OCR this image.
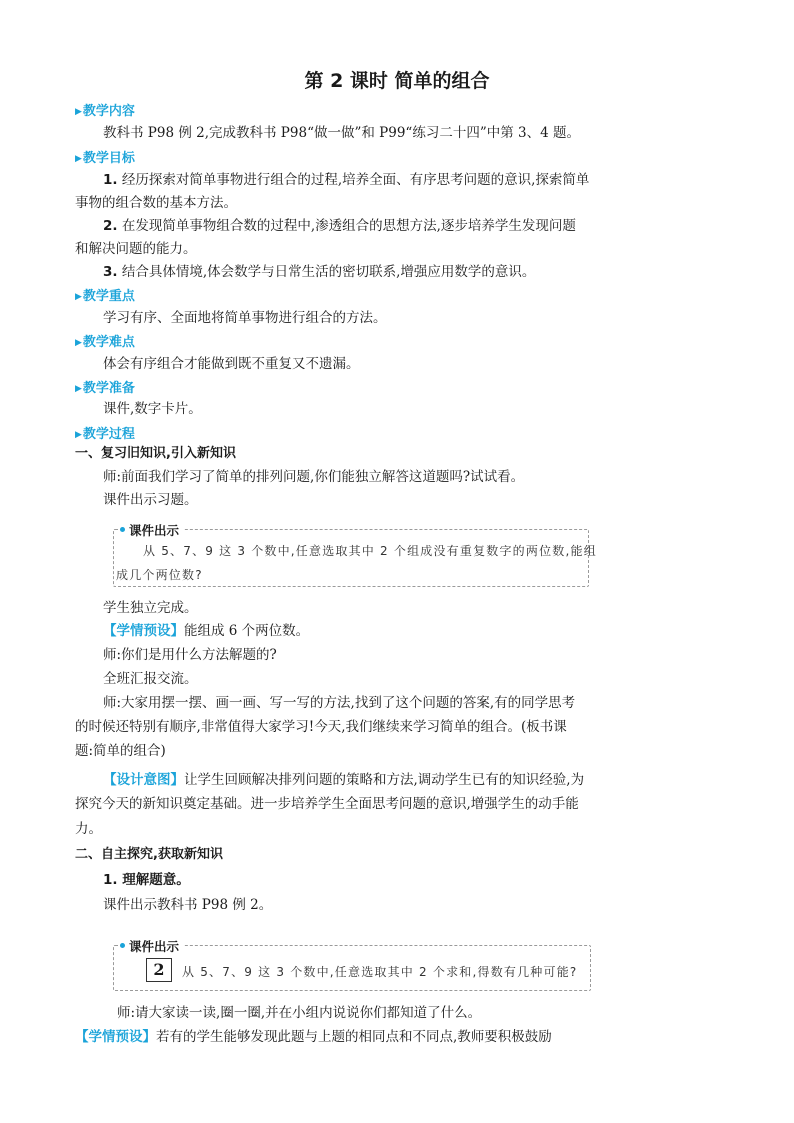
第 2 课时 简单的组合
▶教学内容
教科书 P98 例 2,完成教科书 P98“做一做”和 P99“练习二十四”中第 3、4 题。
▶教学目标
1. 经历探索对简单事物进行组合的过程,培养全面、有序思考问题的意识,探索简单
事物的组合数的基本方法。
2. 在发现简单事物组合数的过程中,渗透组合的思想方法,逐步培养学生发现问题
和解决问题的能力。
3. 结合具体情境,体会数学与日常生活的密切联系,增强应用数学的意识。
▶教学重点
学习有序、全面地将简单事物进行组合的方法。
▶教学难点
体会有序组合才能做到既不重复又不遗漏。
▶教学准备
课件,数字卡片。
▶教学过程
一、复习旧知识,引入新知识
师:前面我们学习了简单的排列问题,你们能独立解答这道题吗?试试看。
课件出示习题。
课件出示
从 5、7、9 这 3 个数中,任意选取其中 2 个组成没有重复数字的两位数,能组
成几个两位数?
学生独立完成。
【学情预设】能组成 6 个两位数。
师:你们是用什么方法解题的?
全班汇报交流。
师:大家用摆一摆、画一画、写一写的方法,找到了这个问题的答案,有的同学思考
的时候还特别有顺序,非常值得大家学习!今天,我们继续来学习简单的组合。(板书课
题:简单的组合)
【设计意图】让学生回顾解决排列问题的策略和方法,调动学生已有的知识经验,为
探究今天的新知识奠定基础。进一步培养学生全面思考问题的意识,增强学生的动手能
力。
二、自主探究,获取新知识
1. 理解题意。
课件出示教科书 P98 例 2。
课件出示
2	从 5、7、9 这 3 个数中,任意选取其中 2 个求和,得数有几种可能?
师:请大家读一读,圈一圈,并在小组内说说你们都知道了什么。
【学情预设】若有的学生能够发现此题与上题的相同点和不同点,教师要积极鼓励
